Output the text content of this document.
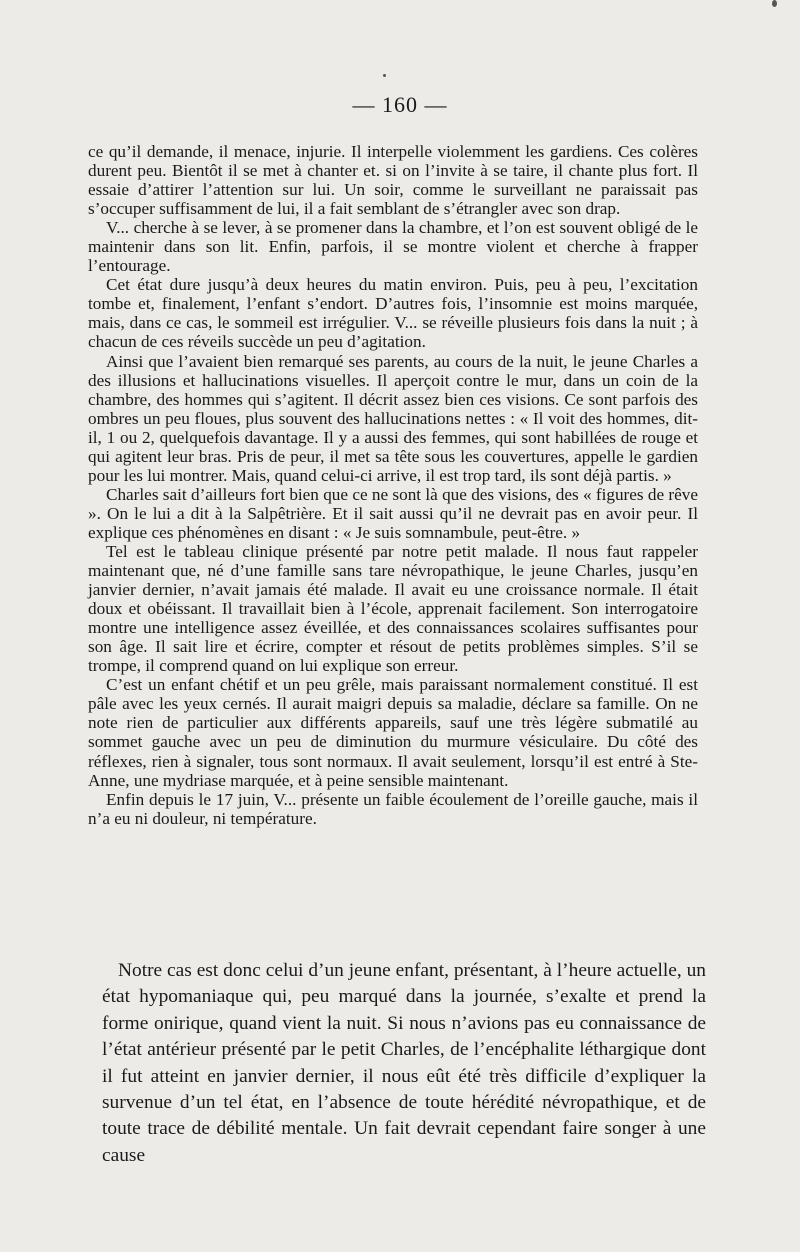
— 160 —

ce qu’il demande, il menace, injurie. Il interpelle violemment les gardiens. Ces colères durent peu. Bientôt il se met à chanter et. si on l’invite à se taire, il chante plus fort. Il essaie d’attirer l’attention sur lui. Un soir, comme le surveillant ne paraissait pas s’occuper suffisamment de lui, il a fait semblant de s’étrangler avec son drap.

V... cherche à se lever, à se promener dans la chambre, et l’on est souvent obligé de le maintenir dans son lit. Enfin, parfois, il se montre violent et cherche à frapper l’entourage.

Cet état dure jusqu’à deux heures du matin environ. Puis, peu à peu, l’excitation tombe et, finalement, l’enfant s’endort. D’autres fois, l’insomnie est moins marquée, mais, dans ce cas, le sommeil est irrégulier. V... se réveille plusieurs fois dans la nuit ; à chacun de ces réveils succède un peu d’agitation.

Ainsi que l’avaient bien remarqué ses parents, au cours de la nuit, le jeune Charles a des illusions et hallucinations visuelles. Il aperçoit contre le mur, dans un coin de la chambre, des hommes qui s’agitent. Il décrit assez bien ces visions. Ce sont parfois des ombres un peu floues, plus souvent des hallucinations nettes : « Il voit des hommes, dit-il, 1 ou 2, quelquefois davantage. Il y a aussi des femmes, qui sont habillées de rouge et qui agitent leur bras. Pris de peur, il met sa tête sous les couvertures, appelle le gardien pour les lui montrer. Mais, quand celui-ci arrive, il est trop tard, ils sont déjà partis. »

Charles sait d’ailleurs fort bien que ce ne sont là que des visions, des « figures de rêve ». On le lui a dit à la Salpêtrière. Et il sait aussi qu’il ne devrait pas en avoir peur. Il explique ces phénomènes en disant : « Je suis somnambule, peut-être. »

Tel est le tableau clinique présenté par notre petit malade. Il nous faut rappeler maintenant que, né d’une famille sans tare névropathique, le jeune Charles, jusqu’en janvier dernier, n’avait jamais été malade. Il avait eu une croissance normale. Il était doux et obéissant. Il travaillait bien à l’école, apprenait facilement. Son interrogatoire montre une intelligence assez éveillée, et des connaissances scolaires suffisantes pour son âge. Il sait lire et écrire, compter et résout de petits problèmes simples. S’il se trompe, il comprend quand on lui explique son erreur.

C’est un enfant chétif et un peu grêle, mais paraissant normalement constitué. Il est pâle avec les yeux cernés. Il aurait maigri depuis sa maladie, déclare sa famille. On ne note rien de particulier aux différents appareils, sauf une très légère submatilé au sommet gauche avec un peu de diminution du murmure vésiculaire. Du côté des réflexes, rien à signaler, tous sont normaux. Il avait seulement, lorsqu’il est entré à Ste-Anne, une mydriase marquée, et à peine sensible maintenant.

Enfin depuis le 17 juin, V... présente un faible écoulement de l’oreille gauche, mais il n’a eu ni douleur, ni température.

Notre cas est donc celui d’un jeune enfant, présentant, à l’heure actuelle, un état hypomaniaque qui, peu marqué dans la journée, s’exalte et prend la forme onirique, quand vient la nuit. Si nous n’avions pas eu connaissance de l’état antérieur présenté par le petit Charles, de l’encéphalite léthargique dont il fut atteint en janvier dernier, il nous eût été très difficile d’expliquer la survenue d’un tel état, en l’absence de toute hérédité névropathique, et de toute trace de débilité mentale. Un fait devrait cependant faire songer à une cause
